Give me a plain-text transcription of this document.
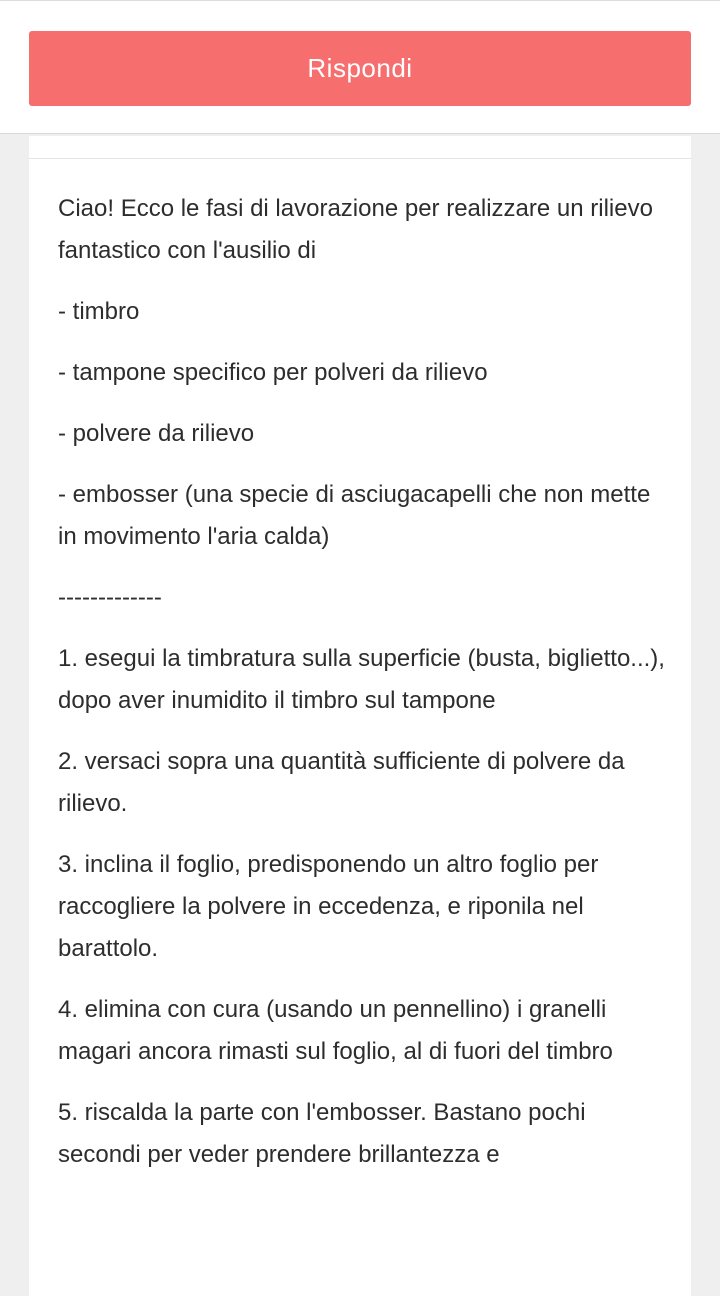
Rispondi

Ciao! Ecco le fasi di lavorazione per realizzare un rilievo fantastico con l'ausilio di

- timbro

- tampone specifico per polveri da rilievo

- polvere da rilievo

- embosser (una specie di asciugacapelli che non mette in movimento l'aria calda)

-------------

1. esegui la timbratura sulla superficie (busta, biglietto...), dopo aver inumidito il timbro sul tampone

2. versaci sopra una quantità sufficiente di polvere da rilievo.

3. inclina il foglio, predisponendo un altro foglio per raccogliere la polvere in eccedenza, e riponila nel barattolo.

4. elimina con cura (usando un pennellino) i granelli magari ancora rimasti sul foglio, al di fuori del timbro

5. riscalda la parte con l'embosser. Bastano pochi secondi per veder prendere brillantezza e
